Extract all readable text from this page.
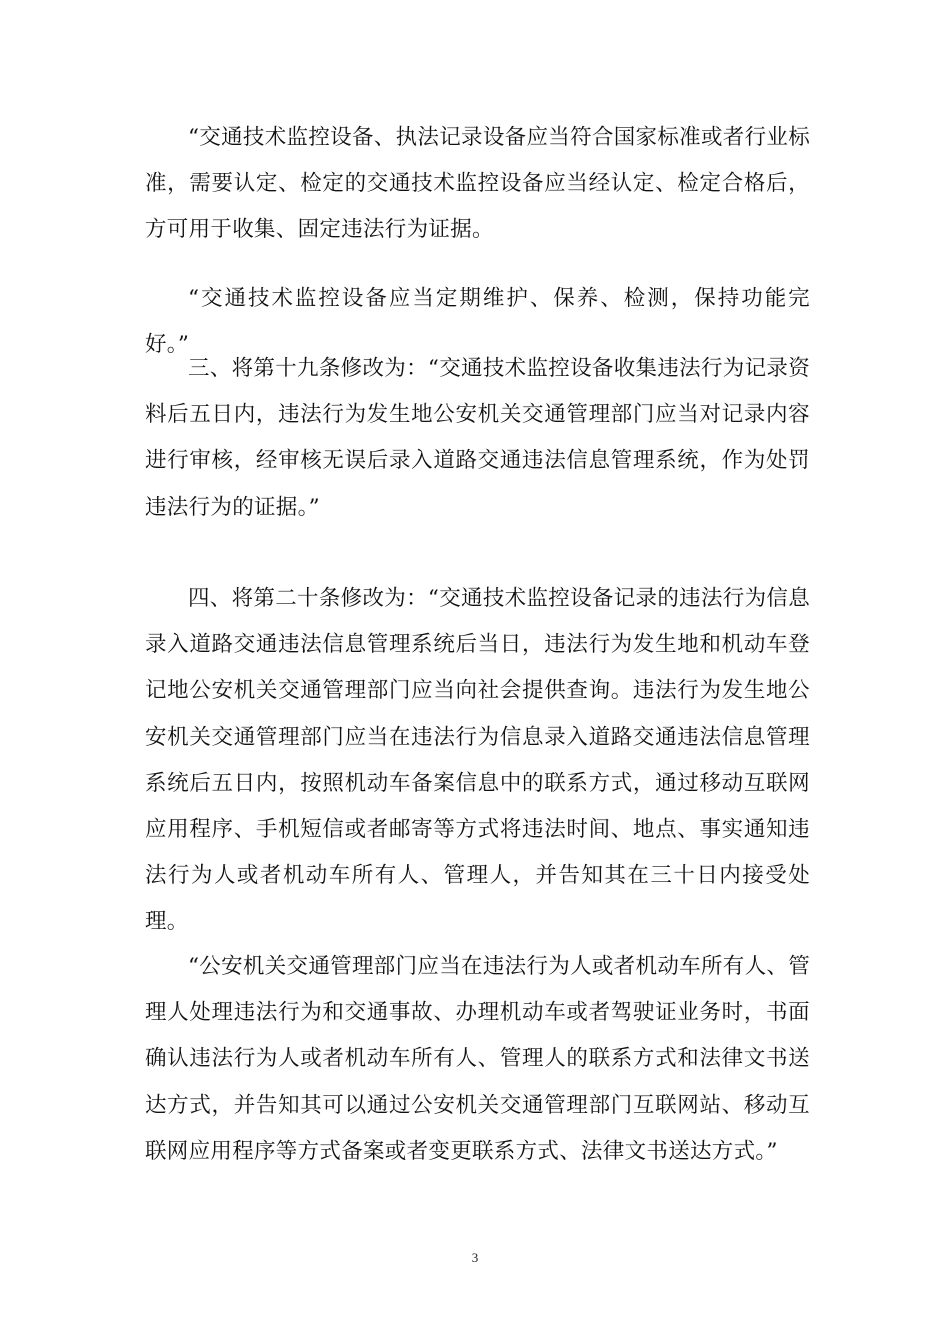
“交通技术监控设备、执法记录设备应当符合国家标准或者行业标准，需要认定、检定的交通技术监控设备应当经认定、检定合格后，方可用于收集、固定违法行为证据。

“交通技术监控设备应当定期维护、保养、检测，保持功能完好。”

三、将第十九条修改为：“交通技术监控设备收集违法行为记录资料后五日内，违法行为发生地公安机关交通管理部门应当对记录内容进行审核，经审核无误后录入道路交通违法信息管理系统，作为处罚违法行为的证据。”

四、将第二十条修改为：“交通技术监控设备记录的违法行为信息录入道路交通违法信息管理系统后当日，违法行为发生地和机动车登记地公安机关交通管理部门应当向社会提供查询。违法行为发生地公安机关交通管理部门应当在违法行为信息录入道路交通违法信息管理系统后五日内，按照机动车备案信息中的联系方式，通过移动互联网应用程序、手机短信或者邮寄等方式将违法时间、地点、事实通知违法行为人或者机动车所有人、管理人，并告知其在三十日内接受处理。

“公安机关交通管理部门应当在违法行为人或者机动车所有人、管理人处理违法行为和交通事故、办理机动车或者驾驶证业务时，书面确认违法行为人或者机动车所有人、管理人的联系方式和法律文书送达方式，并告知其可以通过公安机关交通管理部门互联网站、移动互联网应用程序等方式备案或者变更联系方式、法律文书送达方式。”

3
